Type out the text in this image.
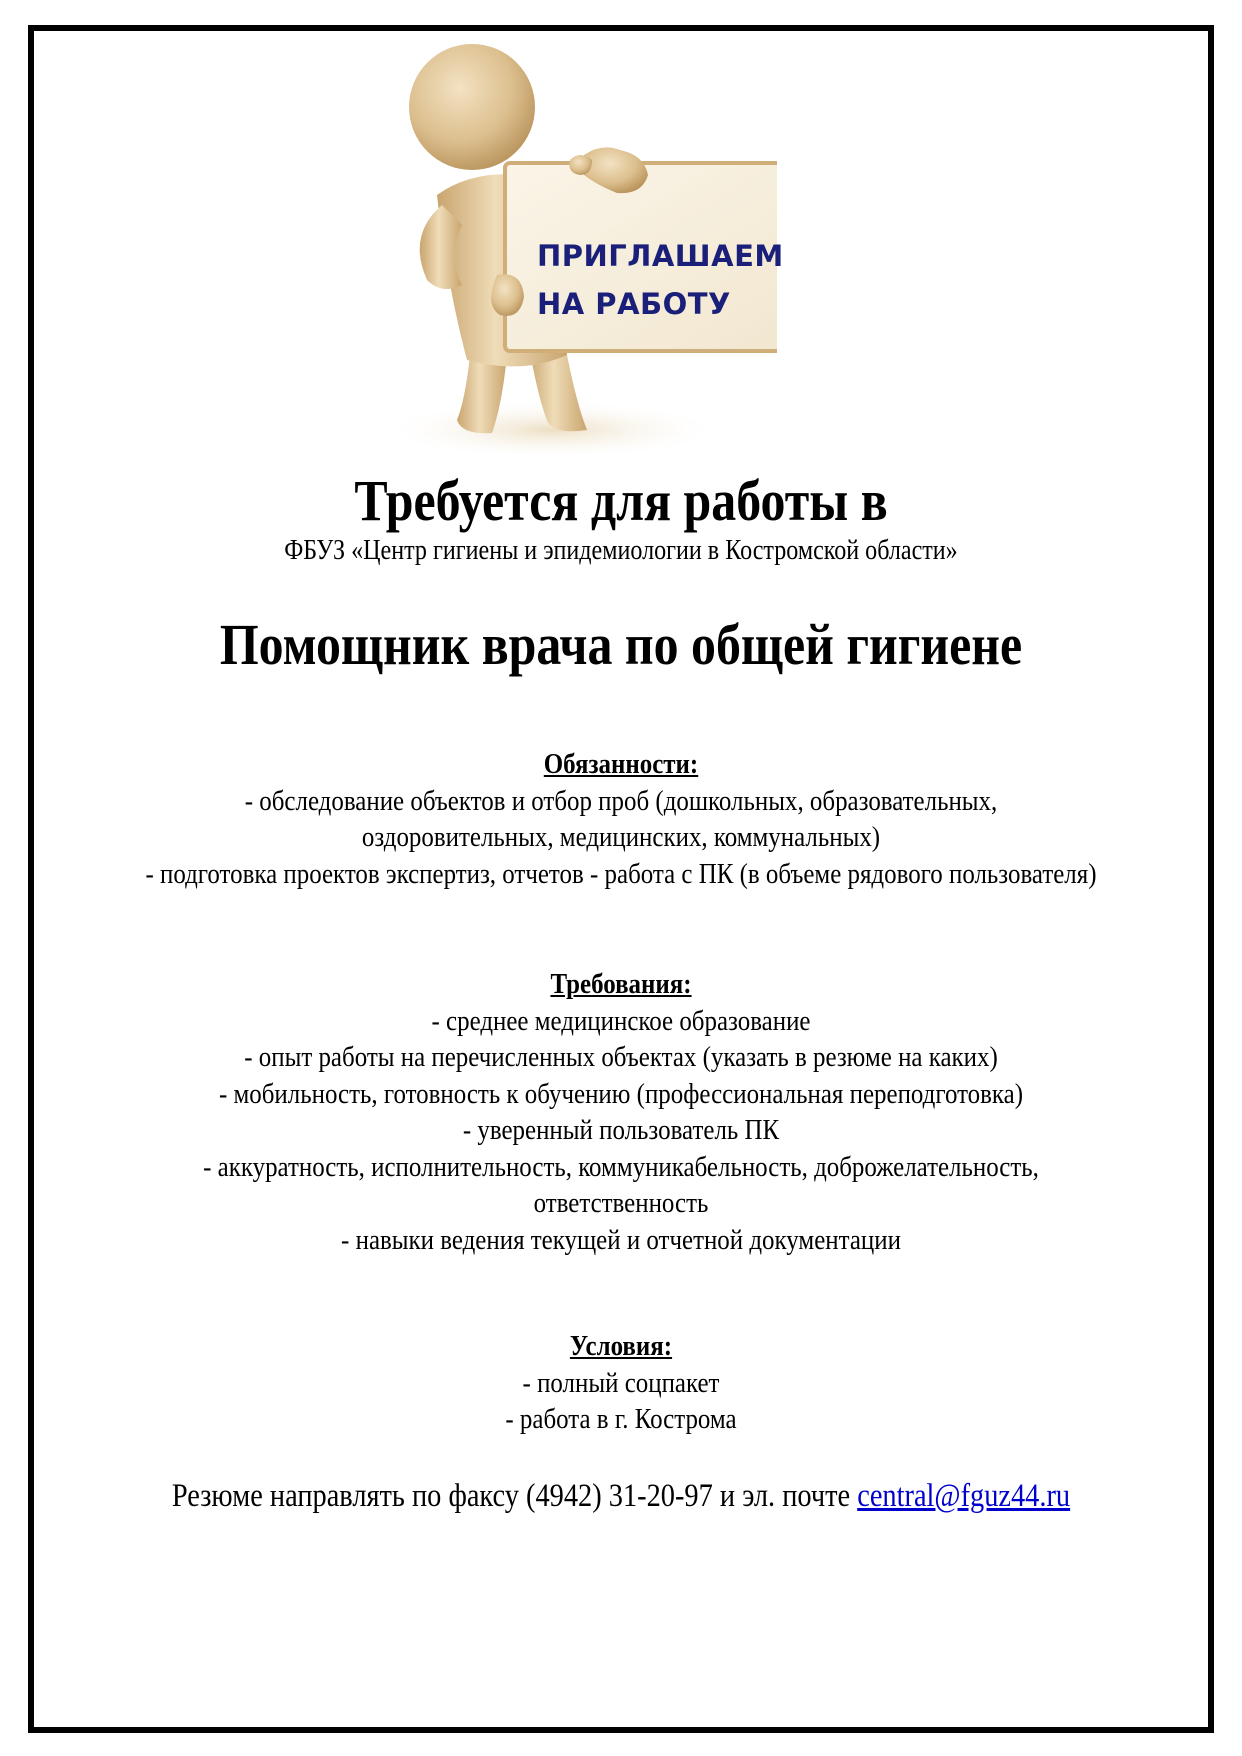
ПРИГЛАШАЕМ
НА РАБОТУ
Требуется для работы в
ФБУЗ «Центр гигиены и эпидемиологии в Костромской области»
Помощник врача по общей гигиене
Обязанности:
- обследование объектов и отбор проб (дошкольных, образовательных,
оздоровительных, медицинских, коммунальных)
- подготовка проектов экспертиз, отчетов - работа с ПК (в объеме рядового пользователя)
Требования:
- среднее медицинское образование
- опыт работы на перечисленных объектах (указать в резюме на каких)
- мобильность, готовность к обучению (профессиональная переподготовка)
- уверенный пользователь ПК
- аккуратность, исполнительность, коммуникабельность, доброжелательность,
ответственность
- навыки ведения текущей и отчетной документации
Условия:
- полный соцпакет
- работа в г. Кострома
Резюме направлять по факсу (4942) 31-20-97 и эл. почте central@fguz44.ru
